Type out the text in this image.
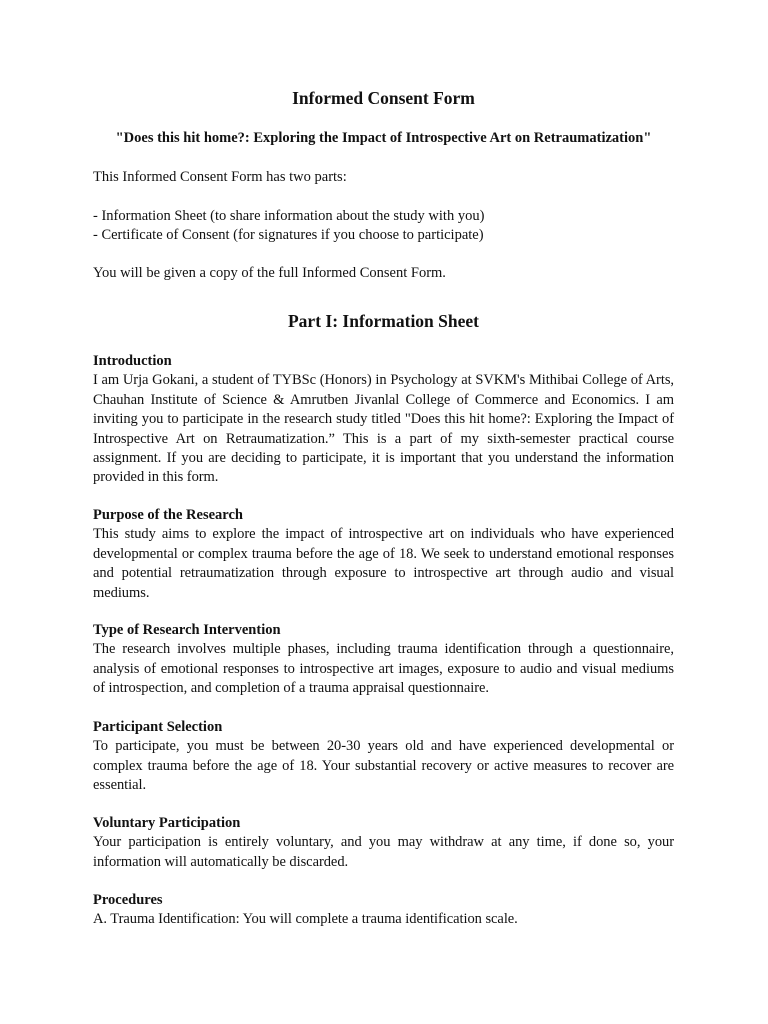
Informed Consent Form

"Does this hit home?: Exploring the Impact of Introspective Art on Retraumatization"

This Informed Consent Form has two parts:

- Information Sheet (to share information about the study with you)

- Certificate of Consent (for signatures if you choose to participate)

You will be given a copy of the full Informed Consent Form.

Part I: Information Sheet
Introduction

I am Urja Gokani, a student of TYBSc (Honors) in Psychology at SVKM's Mithibai College of Arts, Chauhan Institute of Science & Amrutben Jivanlal College of Commerce and Economics. I am inviting you to participate in the research study titled "Does this hit home?: Exploring the Impact of Introspective Art on Retraumatization.” This is a part of my sixth-semester practical course assignment. If you are deciding to participate, it is important that you understand the information provided in this form.

Purpose of the Research

This study aims to explore the impact of introspective art on individuals who have experienced developmental or complex trauma before the age of 18. We seek to understand emotional responses and potential retraumatization through exposure to introspective art through audio and visual mediums.

Type of Research Intervention

The research involves multiple phases, including trauma identification through a questionnaire, analysis of emotional responses to introspective art images, exposure to audio and visual mediums of introspection, and completion of a trauma appraisal questionnaire.

Participant Selection

To participate, you must be between 20-30 years old and have experienced developmental or complex trauma before the age of 18. Your substantial recovery or active measures to recover are essential.

Voluntary Participation

Your participation is entirely voluntary, and you may withdraw at any time, if done so, your information will automatically be discarded.

Procedures

A. Trauma Identification: You will complete a trauma identification scale.
